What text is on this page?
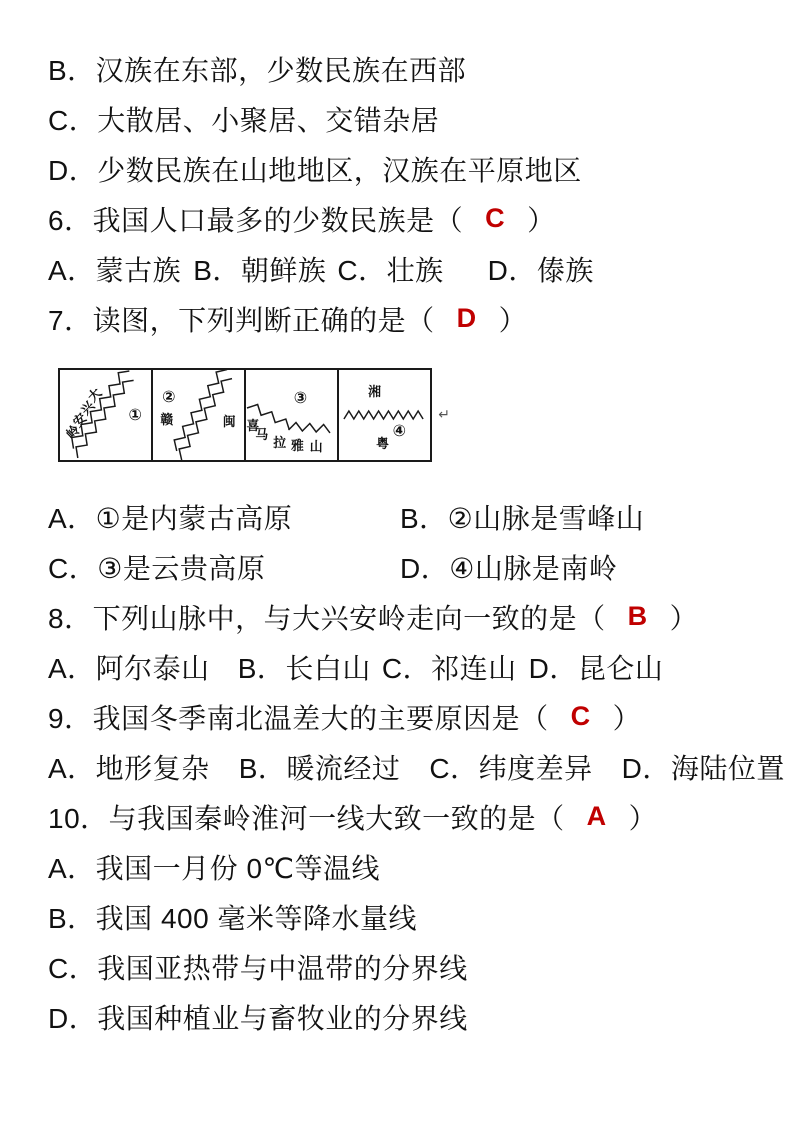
B．汉族在东部，少数民族在西部
C．大散居、小聚居、交错杂居
D．少数民族在山地地区，汉族在平原地区
6．我国人口最多的少数民族是 （ C ）
A．蒙古族 B．朝鲜族 C．壮族 D．傣族
7．读图，下列判断正确的是 （ D ）
大
兴
安
岭
①
②
赣	闽
③
喜
马
拉 雅 山
湘
④
粤
↵
A．①是内蒙古高原	B．②山脉是雪峰山
C．③是云贵高原	D．④山脉是南岭
8．下列山脉中，与大兴安岭走向一致的是 （ B ）
A．阿尔泰山 B．长白山 C．祁连山 D．昆仑山
9．我国冬季南北温差大的主要原因是 （ C ）
A．地形复杂 B．暖流经过 C．纬度差异 D．海陆位置
10．与我国秦岭淮河一线大致一致的是 （ A ）
A．我国一月份 0℃等温线
B．我国 400 毫米等降水量线
C．我国亚热带与中温带的分界线
D．我国种植业与畜牧业的分界线
